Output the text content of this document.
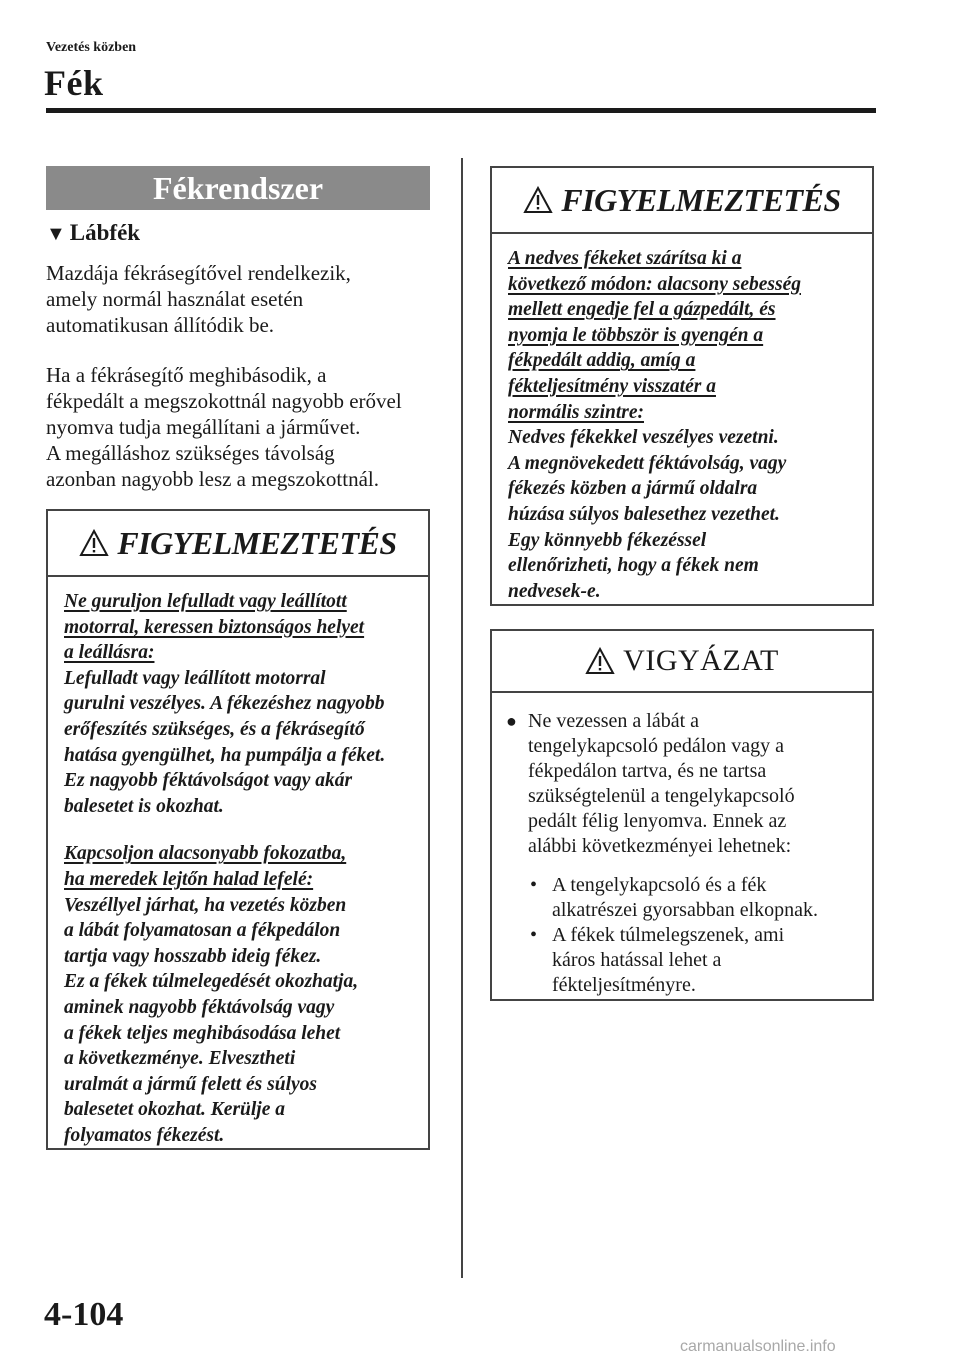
Vezetés közben
Fék
Fékrendszer
▼ Lábfék
Mazdája fékrásegítővel rendelkezik,
amely normál használat esetén
automatikusan állítódik be.
Ha a fékrásegítő meghibásodik, a
fékpedált a megszokottnál nagyobb erővel
nyomva tudja megállítani a járművet.
A megálláshoz szükséges távolság
azonban nagyobb lesz a megszokottnál.
FIGYELMEZTETÉS
Ne guruljon lefulladt vagy leállított
motorral, keressen biztonságos helyet
a leállásra:
Lefulladt vagy leállított motorral
gurulni veszélyes. A fékezéshez nagyobb
erőfeszítés szükséges, és a fékrásegítő
hatása gyengülhet, ha pumpálja a féket.
Ez nagyobb féktávolságot vagy akár
balesetet is okozhat.
Kapcsoljon alacsonyabb fokozatba,
ha meredek lejtőn halad lefelé:
Veszéllyel járhat, ha vezetés közben
a lábát folyamatosan a fékpedálon
tartja vagy hosszabb ideig fékez.
Ez a fékek túlmelegedését okozhatja,
aminek nagyobb féktávolság vagy
a fékek teljes meghibásodása lehet
a következménye. Elvesztheti
uralmát a jármű felett és súlyos
balesetet okozhat. Kerülje a
folyamatos fékezést.
FIGYELMEZTETÉS
A nedves fékeket szárítsa ki a
következő módon: alacsony sebesség
mellett engedje fel a gázpedált, és
nyomja le többször is gyengén a
fékpedált addig, amíg a
fékteljesítmény visszatér a
normális szintre:
Nedves fékekkel veszélyes vezetni.
A megnövekedett féktávolság, vagy
fékezés közben a jármű oldalra
húzása súlyos balesethez vezethet.
Egy könnyebb fékezéssel
ellenőrizheti, hogy a fékek nem
nedvesek-e.
VIGYÁZAT
● Ne vezessen a lábát a
tengelykapcsoló pedálon vagy a
fékpedálon tartva, és ne tartsa
szükségtelenül a tengelykapcsoló
pedált félig lenyomva. Ennek az
alábbi következményei lehetnek:
• A tengelykapcsoló és a fék
alkatrészei gyorsabban elkopnak.
• A fékek túlmelegszenek, ami
káros hatással lehet a
fékteljesítményre.
4-104
carmanualsonline.info
